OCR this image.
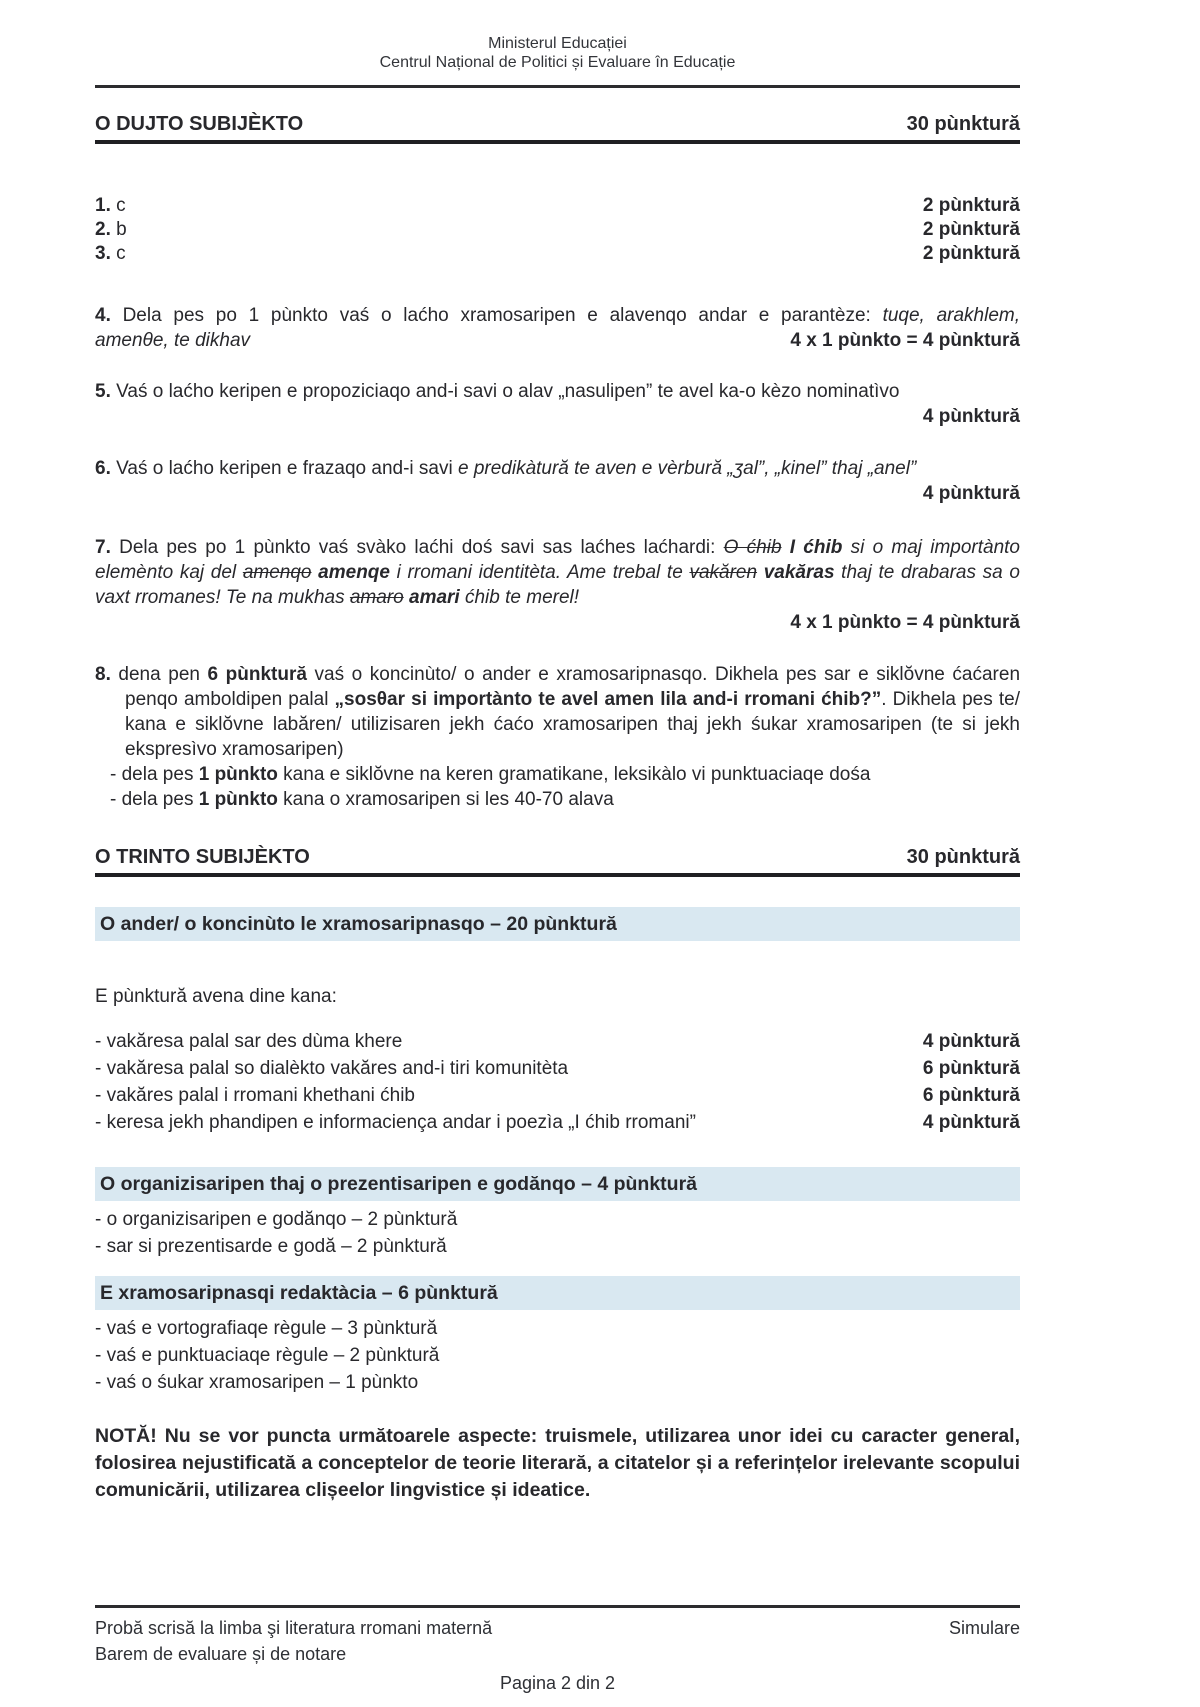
Ministerul Educației
Centrul Național de Politici și Evaluare în Educație
O DUJTO SUBIJÈKTO	30 pùnktură
1. c	2 pùnktură
2. b	2 pùnktură
3. c	2 pùnktură
4. Dela pes po 1 pùnkto vaś o laćho xramosaripen e alavenqo andar e parantèze: tuqe, arakhlem,
amenθe, te dikhav	4 x 1 pùnkto = 4 pùnktură
5. Vaś o laćho keripen e propoziciaqo and-i savi o alav „nasulipen” te avel ka-o kèzo nominatìvo
4 pùnktură
6. Vaś o laćho keripen e frazaqo and-i savi e predikàtură te aven e vèrbură „ʒal”, „kinel” thaj „anel”
4 pùnktură
7. Dela pes po 1 pùnkto vaś svàko laćhi doś savi sas laćhes laćhardi: O ćhib I ćhib si o maj importànto elemènto kaj del amenqo amenqe i rromani identitèta. Ame trebal te vakăren vakăras thaj te drabaras sa o vaxt rromanes! Te na mukhas amaro amari ćhib te merel!
4 x 1 pùnkto = 4 pùnktură
8. dena pen 6 pùnktură vaś o koncinùto/ o ander e xramosaripnasqo. Dikhela pes sar e siklŏvne ćaćaren penqo amboldipen palal „sosθar si importànto te avel amen lila and-i rromani ćhib?”. Dikhela pes te/ kana e siklŏvne labăren/ utilizisaren jekh ćaćo xramosaripen thaj jekh śukar xramosaripen (te si jekh ekspresìvo xramosaripen)
- dela pes 1 pùnkto kana e siklŏvne na keren gramatikane, leksikàlo vi punktuaciaqe dośa
- dela pes 1 pùnkto kana o xramosaripen si les 40-70 alava
O TRINTO SUBIJÈKTO	30 pùnktură
O ander/ o koncinùto le xramosaripnasqo – 20 pùnktură
E pùnktură avena dine kana:
- vakăresa palal sar des dùma khere	4 pùnktură
- vakăresa palal so dialèkto vakăres and-i tiri komunitèta	6 pùnktură
- vakăres palal i rromani khethani ćhib	6 pùnktură
- keresa jekh phandipen e informaciença andar i poezìa „I ćhib rromani”	4 pùnktură
O organizisaripen thaj o prezentisaripen e godănqo – 4 pùnktură
- o organizisaripen e godănqo – 2 pùnktură
- sar si prezentisarde e godă – 2 pùnktură
E xramosaripnasqi redaktàcia – 6 pùnktură
- vaś e vortografiaqe règule – 3 pùnktură
- vaś e punktuaciaqe règule – 2 pùnktură
- vaś o śukar xramosaripen – 1 pùnkto
NOTĂ! Nu se vor puncta următoarele aspecte: truismele, utilizarea unor idei cu caracter general, folosirea nejustificată a conceptelor de teorie literară, a citatelor și a referințelor irelevante scopului comunicării, utilizarea clișeelor lingvistice și ideatice.
Probă scrisă la limba şi literatura rromani maternă	Simulare
Barem de evaluare și de notare
Pagina 2 din 2
